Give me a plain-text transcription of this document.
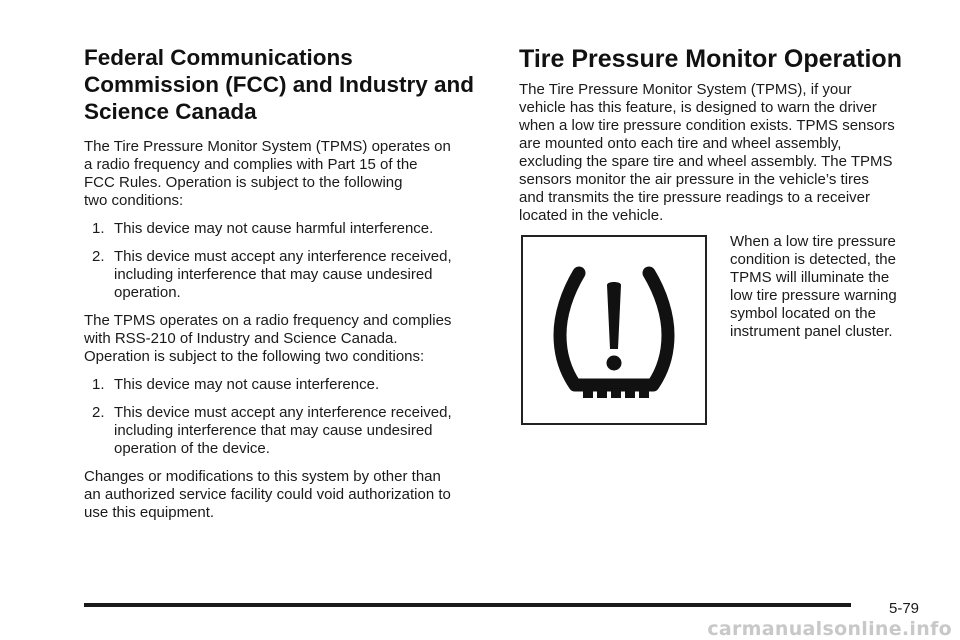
Federal Communications
Commission (FCC) and Industry and
Science Canada

The Tire Pressure Monitor System (TPMS) operates on
a radio frequency and complies with Part 15 of the
FCC Rules. Operation is subject to the following
two conditions:

1. This device may not cause harmful interference.
2. This device must accept any interference received,
including interference that may cause undesired
operation.

The TPMS operates on a radio frequency and complies
with RSS-210 of Industry and Science Canada.
Operation is subject to the following two conditions:

1. This device may not cause interference.
2. This device must accept any interference received,
including interference that may cause undesired
operation of the device.

Changes or modifications to this system by other than
an authorized service facility could void authorization to
use this equipment.

Tire Pressure Monitor Operation

The Tire Pressure Monitor System (TPMS), if your
vehicle has this feature, is designed to warn the driver
when a low tire pressure condition exists. TPMS sensors
are mounted onto each tire and wheel assembly,
excluding the spare tire and wheel assembly. The TPMS
sensors monitor the air pressure in the vehicle’s tires
and transmits the tire pressure readings to a receiver
located in the vehicle.

When a low tire pressure
condition is detected, the
TPMS will illuminate the
low tire pressure warning
symbol located on the
instrument panel cluster.

5-79
carmanualsonline.info
